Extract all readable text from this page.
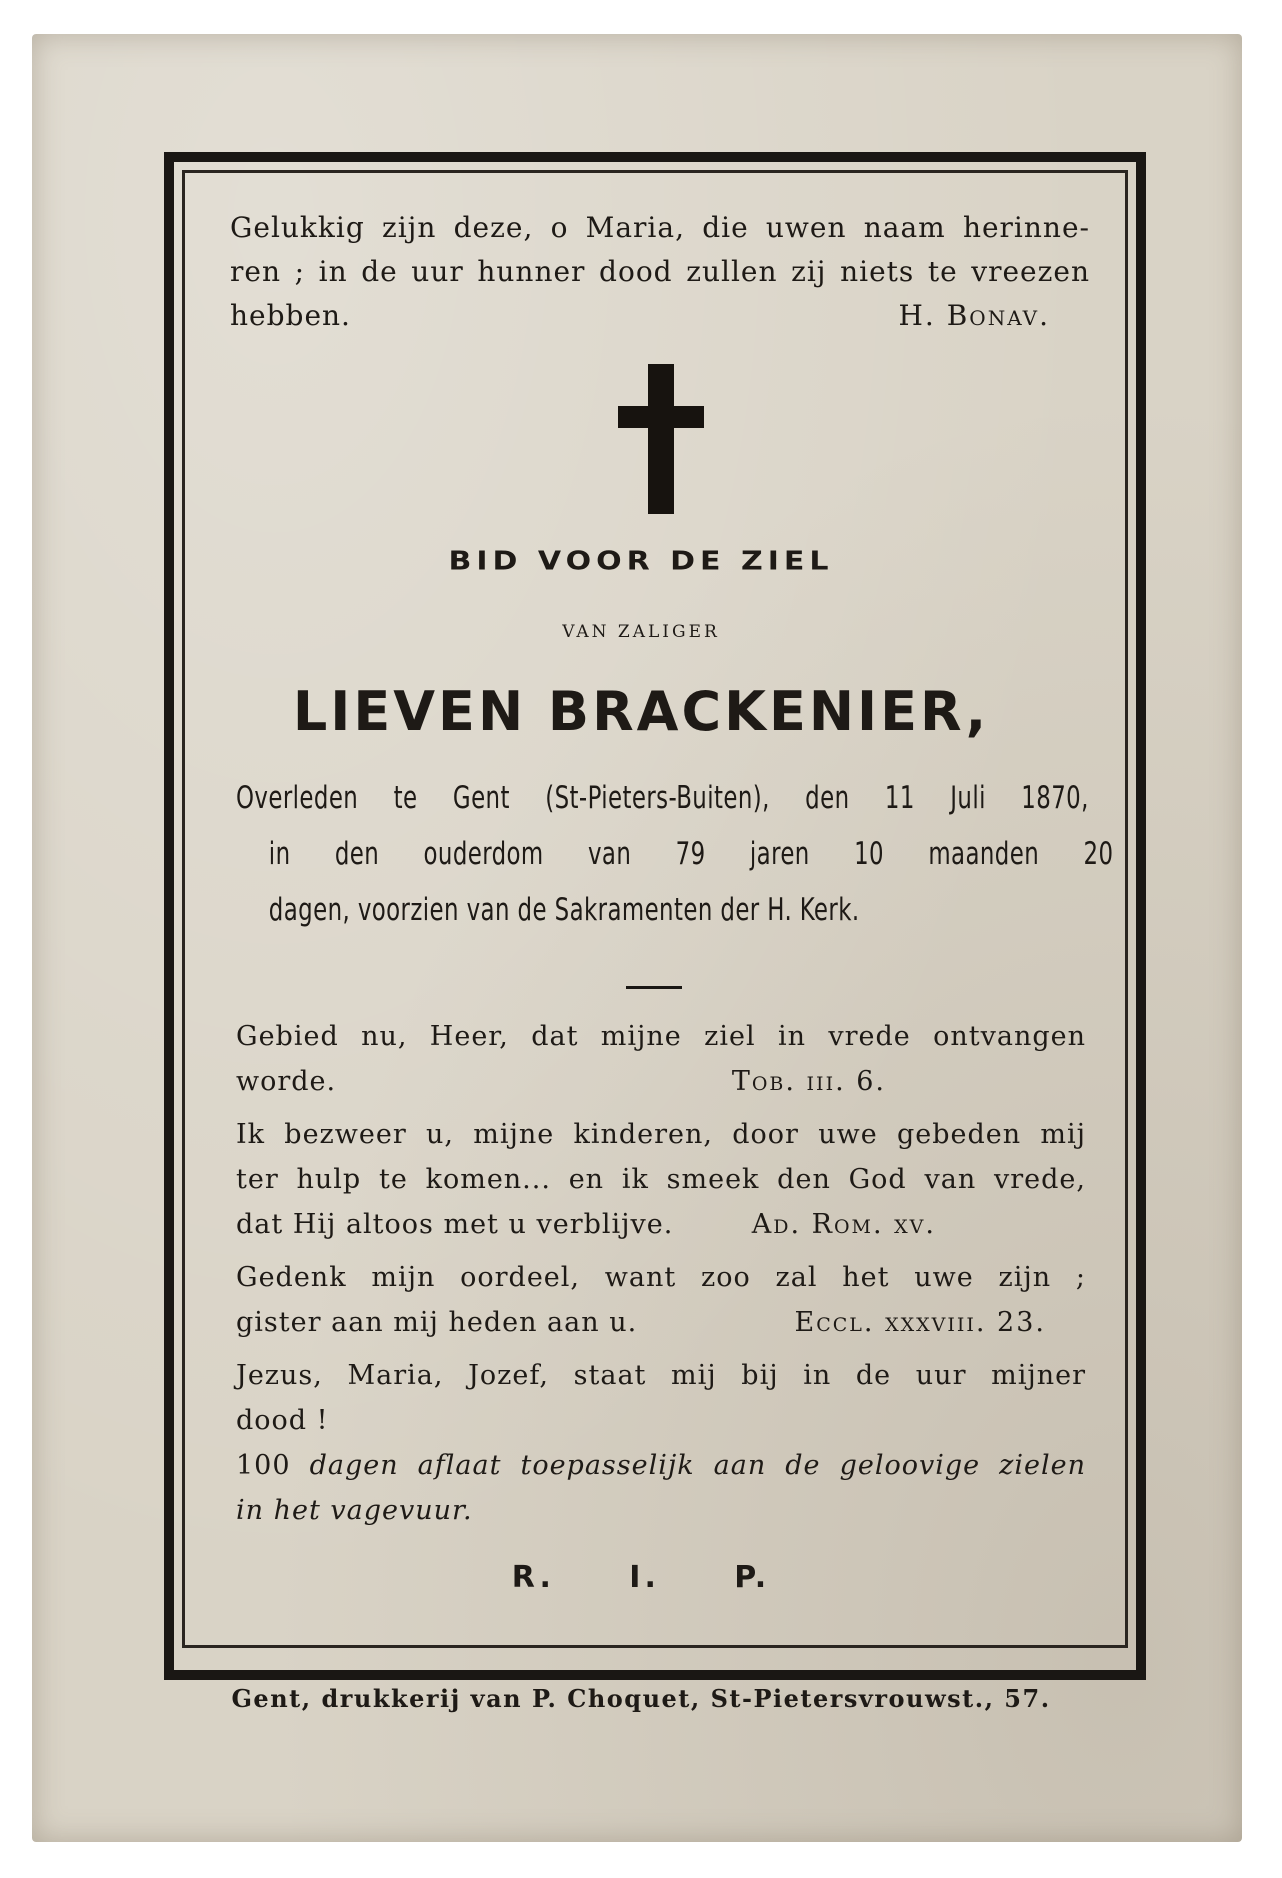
Gelukkig zijn deze, o Maria, die uwen naam herinne-

ren ; in de uur hunner dood zullen zij niets te vreezen

hebben.	H. Bonav.
BID VOOR DE ZIEL
VAN ZALIGER
LIEVEN BRACKENIER,
Overleden te Gent (St-Pieters-Buiten), den 11 Juli 1870,
in den ouderdom van 79 jaren 10 maanden 20
dagen, voorzien van de Sakramenten der H. Kerk.

Gebied nu, Heer, dat mijne ziel in vrede ontvangen

worde.	Tob. iii. 6.

Ik bezweer u, mijne kinderen, door uwe gebeden mij

ter hulp te komen... en ik smeek den God van vrede,

dat Hij altoos met u verblijve.	Ad. Rom. xv.

Gedenk mijn oordeel, want zoo zal het uwe zijn ;

gister aan mij heden aan u.	Eccl. xxxviii. 23.

Jezus, Maria, Jozef, staat mij bij in de uur mijner

dood !

100 dagen aflaat toepasselijk aan de geloovige zielen

in het vagevuur.

R. I. P.
Gent, drukkerij van P. Choquet, St-Pietersvrouwst., 57.
